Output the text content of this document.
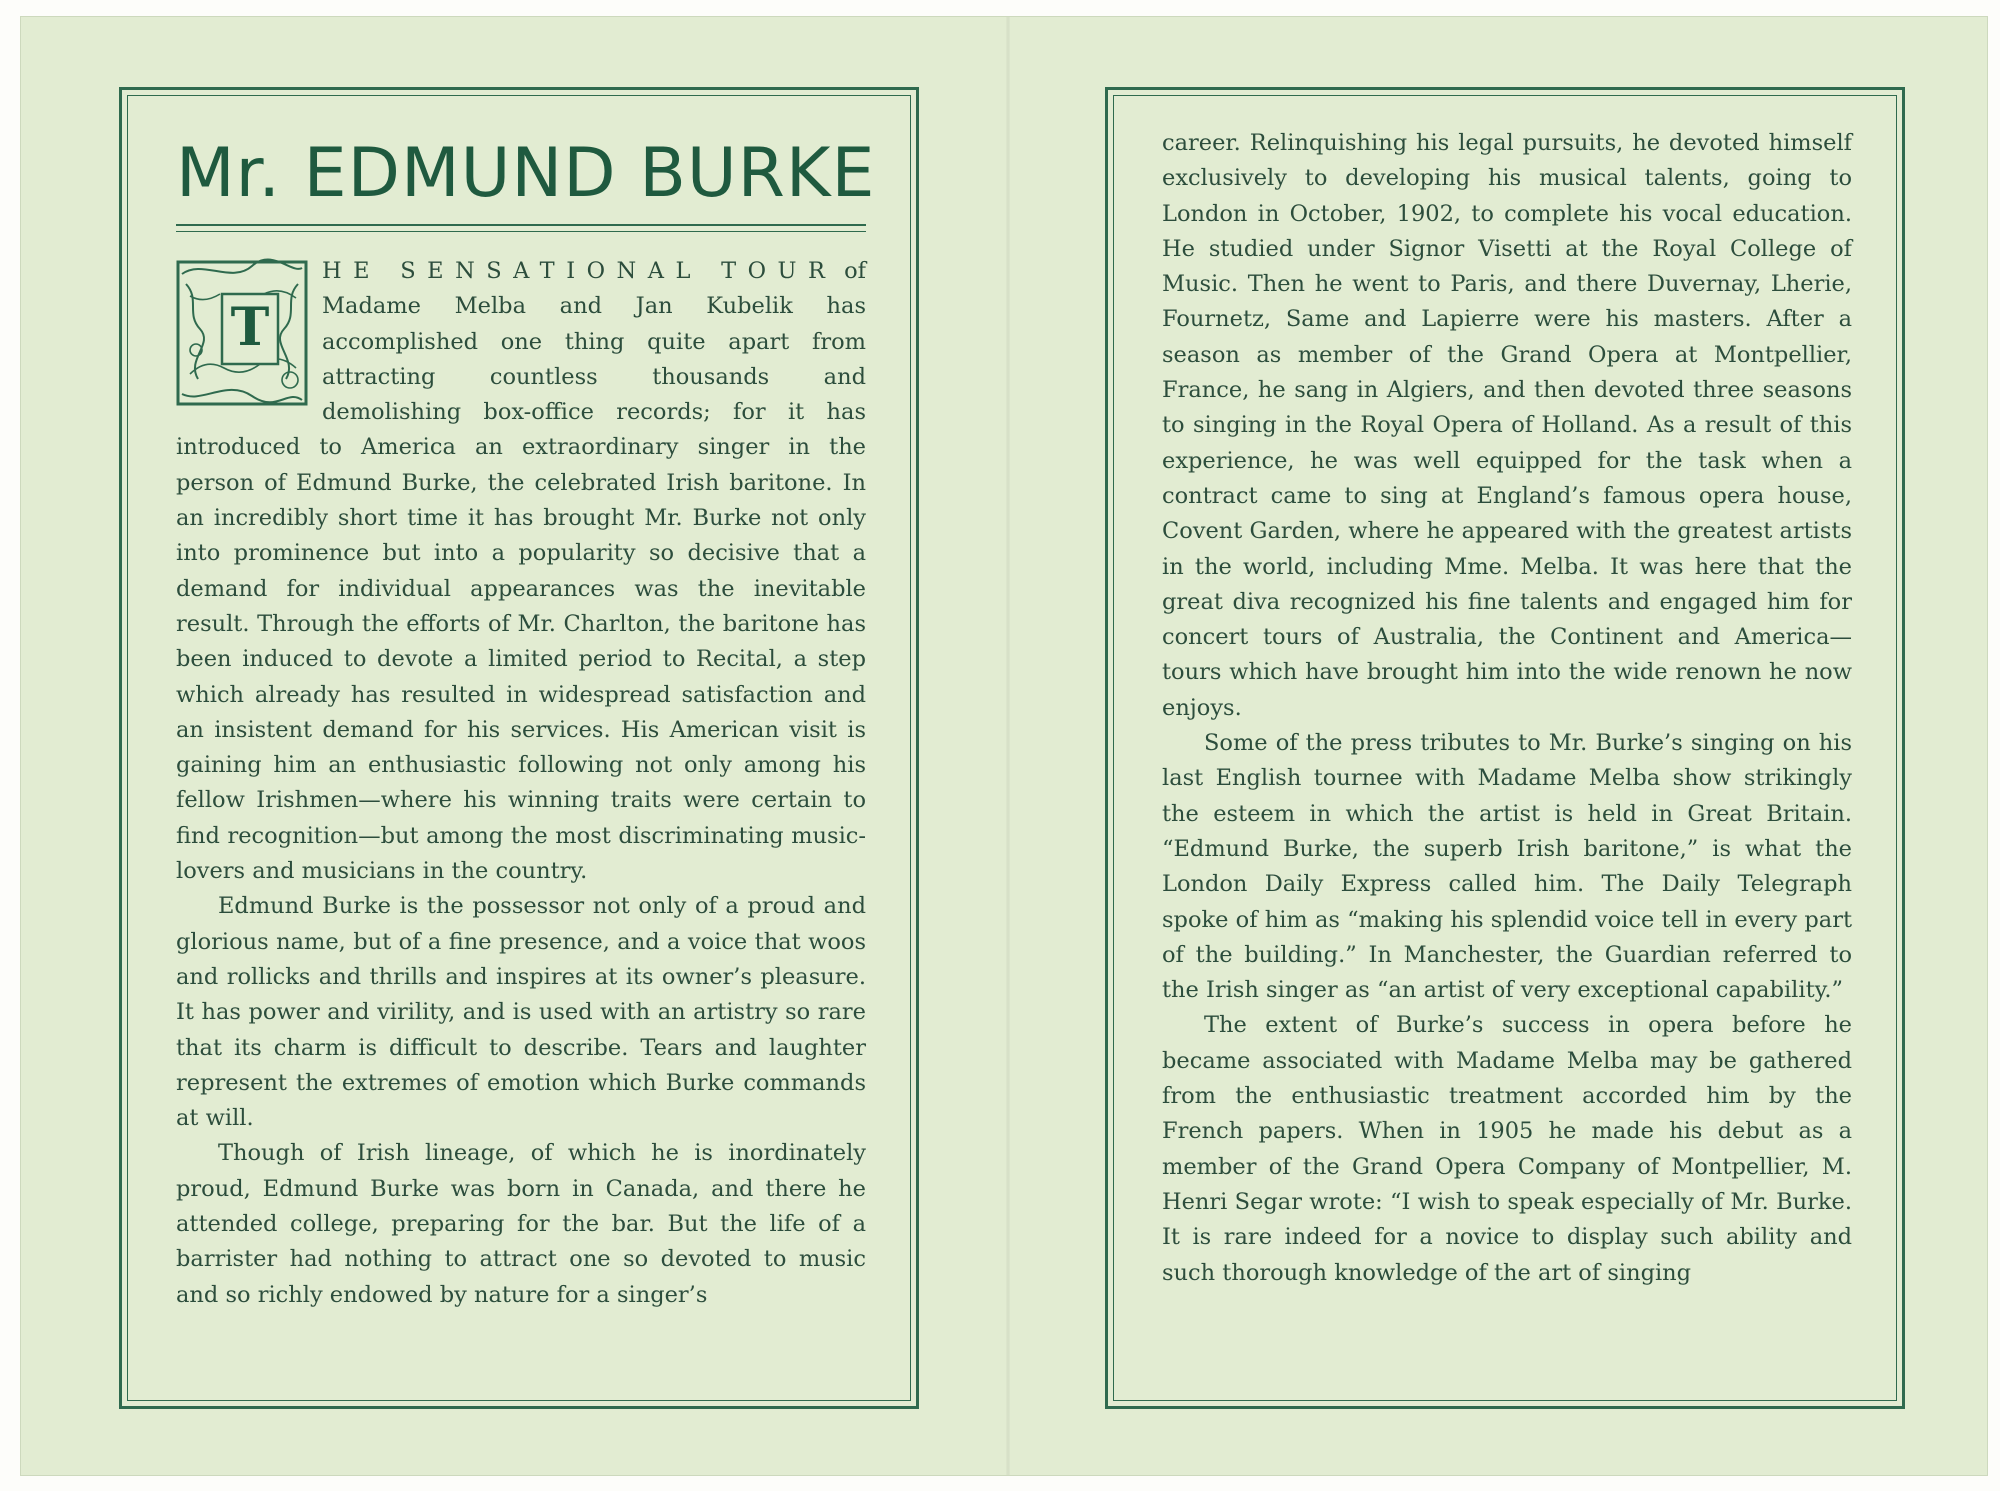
Mr. EDMUND BURKE

T
HE SENSATIONAL TOUR of Madame Melba and Jan Kubelik has accomplished one thing quite apart from attracting countless thousands and demolishing box-office records; for it has introduced to America an extraordinary singer in the person of Edmund Burke, the celebrated Irish baritone. In an incredibly short time it has brought Mr. Burke not only into prominence but into a popularity so decisive that a demand for individual appearances was the inevitable result. Through the efforts of Mr. Charlton, the baritone has been induced to devote a limited period to Recital, a step which already has resulted in widespread satisfaction and an insistent demand for his services. His American visit is gaining him an enthusiastic following not only among his fellow Irishmen—where his winning traits were certain to find recognition—but among the most discriminating music-lovers and musicians in the country.

Edmund Burke is the possessor not only of a proud and glorious name, but of a fine presence, and a voice that woos and rollicks and thrills and inspires at its owner’s pleasure. It has power and virility, and is used with an artistry so rare that its charm is difficult to describe. Tears and laughter represent the extremes of emotion which Burke commands at will.

Though of Irish lineage, of which he is inordinately proud, Edmund Burke was born in Canada, and there he attended college, preparing for the bar. But the life of a barrister had nothing to attract one so devoted to music and so richly endowed by nature for a singer’s

career. Relinquishing his legal pursuits, he devoted himself exclusively to developing his musical talents, going to London in October, 1902, to complete his vocal education. He studied under Signor Visetti at the Royal College of Music. Then he went to Paris, and there Duvernay, Lherie, Fournetz, Same and Lapierre were his masters. After a season as member of the Grand Opera at Montpellier, France, he sang in Algiers, and then devoted three seasons to singing in the Royal Opera of Holland. As a result of this experience, he was well equipped for the task when a contract came to sing at England’s famous opera house, Covent Garden, where he appeared with the greatest artists in the world, including Mme. Melba. It was here that the great diva recognized his fine talents and engaged him for concert tours of Australia, the Continent and America—tours which have brought him into the wide renown he now enjoys.

Some of the press tributes to Mr. Burke’s singing on his last English tournee with Madame Melba show strikingly the esteem in which the artist is held in Great Britain. “Edmund Burke, the superb Irish baritone,” is what the London Daily Express called him. The Daily Telegraph spoke of him as “making his splendid voice tell in every part of the building.” In Manchester, the Guardian referred to the Irish singer as “an artist of very exceptional capability.”

The extent of Burke’s success in opera before he became associated with Madame Melba may be gathered from the enthusiastic treatment accorded him by the French papers. When in 1905 he made his debut as a member of the Grand Opera Company of Montpellier, M. Henri Segar wrote: “I wish to speak especially of Mr. Burke. It is rare indeed for a novice to display such ability and such thorough knowledge of the art of singing
